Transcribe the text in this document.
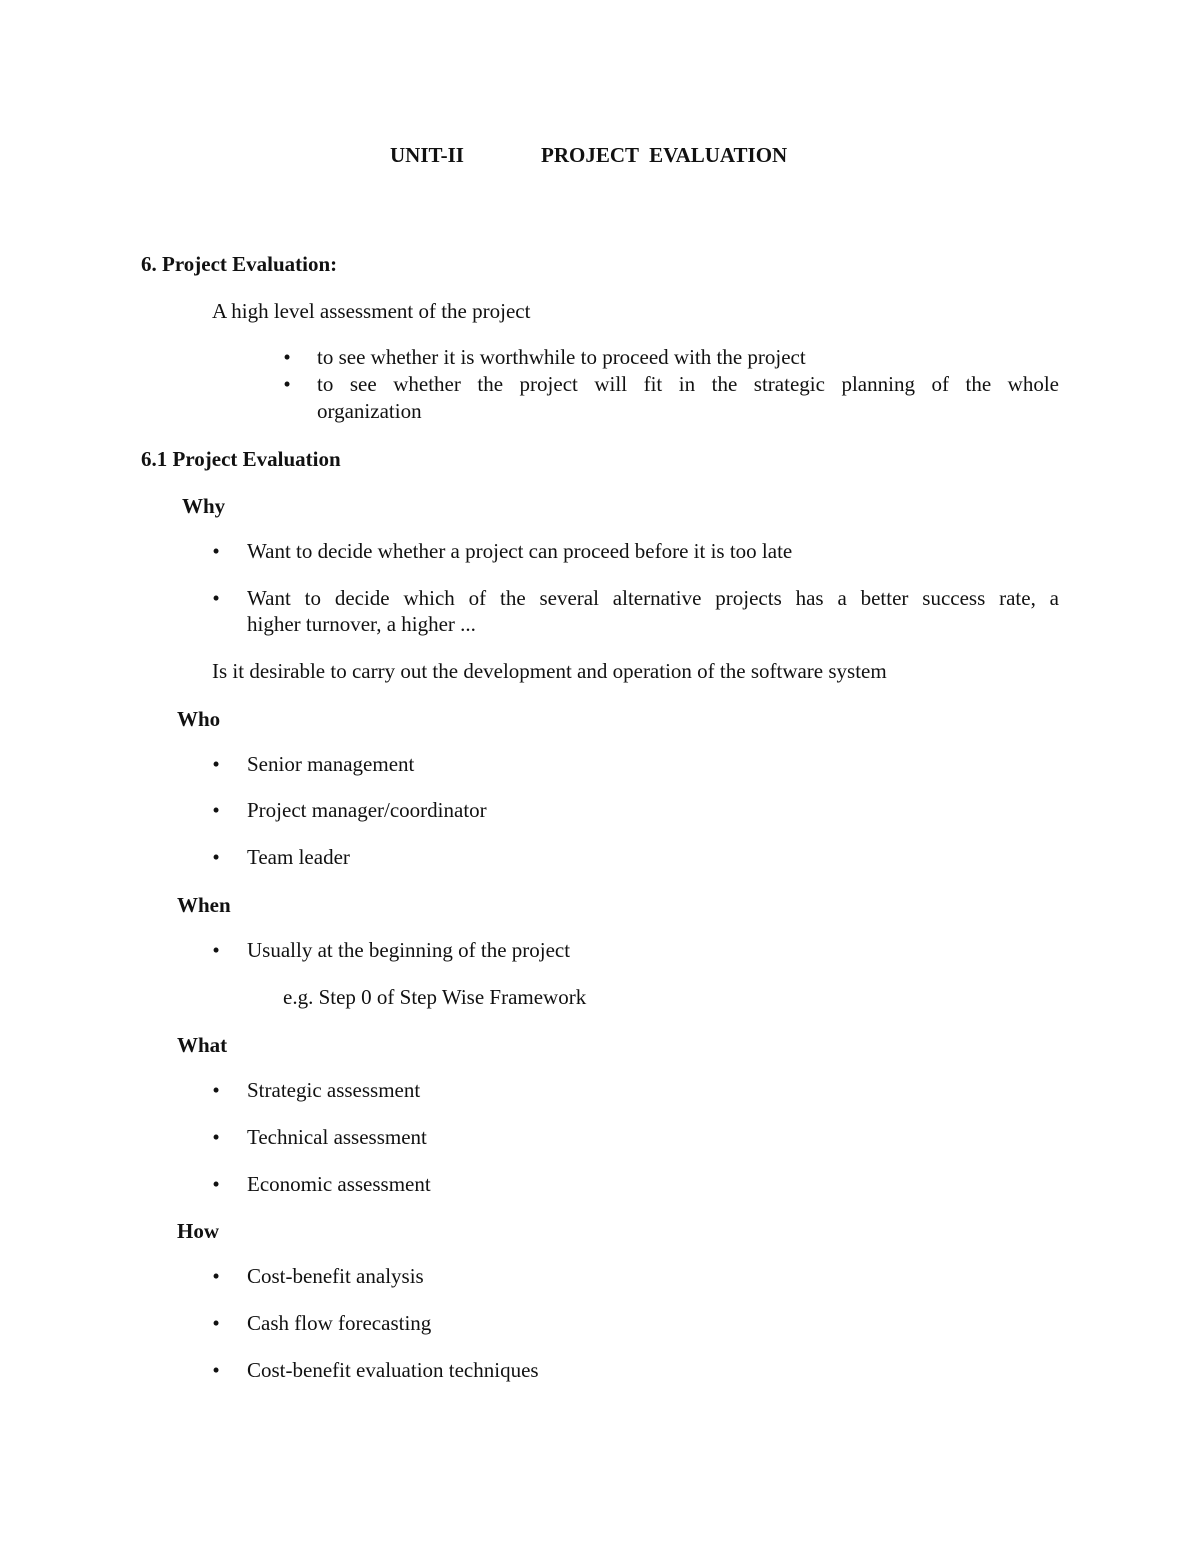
UNIT-II	PROJECT  EVALUATION
6. Project Evaluation:
A high level assessment of the project
• to see whether it is worthwhile to proceed with the project
• to see whether the project will fit in the strategic planning of the whole
organization
6.1 Project Evaluation
Why
• Want to decide whether a project can proceed before it is too late
• Want to decide which of the several alternative projects has a better success rate, a
higher turnover, a higher ...
Is it desirable to carry out the development and operation of the software system
Who
• Senior management
• Project manager/coordinator
• Team leader
When
• Usually at the beginning of the project
e.g. Step 0 of Step Wise Framework
What
• Strategic assessment
• Technical assessment
• Economic assessment
How
• Cost-benefit analysis
• Cash flow forecasting
• Cost-benefit evaluation techniques
